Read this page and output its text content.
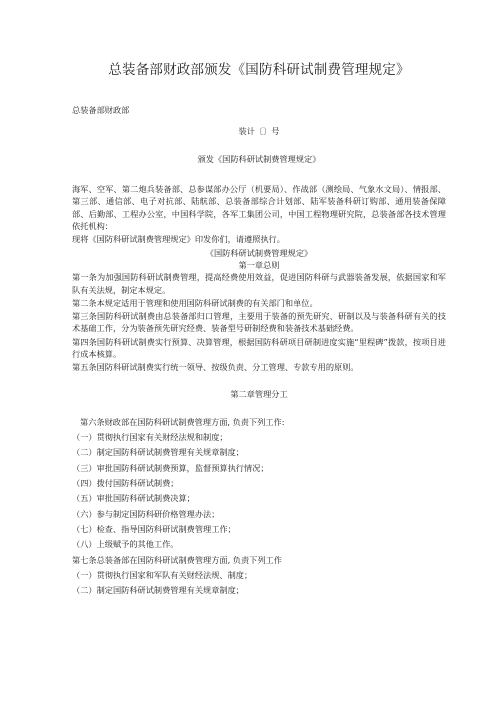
总装备部财政部颁发《国防科研试制费管理规定》

总装备部财政部

装计〔〕号

颁发《国防科研试制费管理规定》

海军、空军、第二炮兵装备部、总参谋部办公厅（机要局）、作战部（测绘局、气象水文局）、情报部、第三部、通信部、电子对抗部、陆航部、总装备部综合计划部、陆军装备科研订购部、通用装备保障部、后勤部、工程办公室，中国科学院，各军工集团公司，中国工程物理研究院，总装备部各技术管理依托机构：

现将《国防科研试制费管理规定》印发你们，请遵照执行。

《国防科研试制费管理规定》

第一章总则

第一条为加强国防科研试制费管理，提高经费使用效益，促进国防科研与武器装备发展，依据国家和军队有关法规，制定本规定。

第二条本规定适用于管理和使用国防科研试制费的有关部门和单位。

第三条国防科研试制费由总装备部归口管理，主要用于装备的预先研究、研制以及与装备科研有关的技术基础工作，分为装备预先研究经费、装备型号研制经费和装备技术基础经费。

第四条国防科研试制费实行预算、决算管理，根据国防科研项目研制进度实施“里程碑”拨款，按项目进行成本核算。

第五条国防科研试制费实行统一领导、按级负责、分工管理、专款专用的原则。

第二章管理分工

第六条财政部在国防科研试制费管理方面, 负责下列工作:

（一）贯彻执行国家有关财经法规和制度；

（二）制定国防科研试制费管理有关规章制度；

（三）审批国防科研试制费预算，监督预算执行情况；

（四）拨付国防科研试制费；

（五）审批国防科研试制费决算；

（六）参与制定国防科研价格管理办法；

（七）检查、指导国防科研试制费管理工作；

（八）上级赋予的其他工作。

第七条总装备部在国防科研试制费管理方面, 负责下列工作

（一）贯彻执行国家和军队有关财经法规、制度；

（二）制定国防科研试制费管理有关规章制度；
